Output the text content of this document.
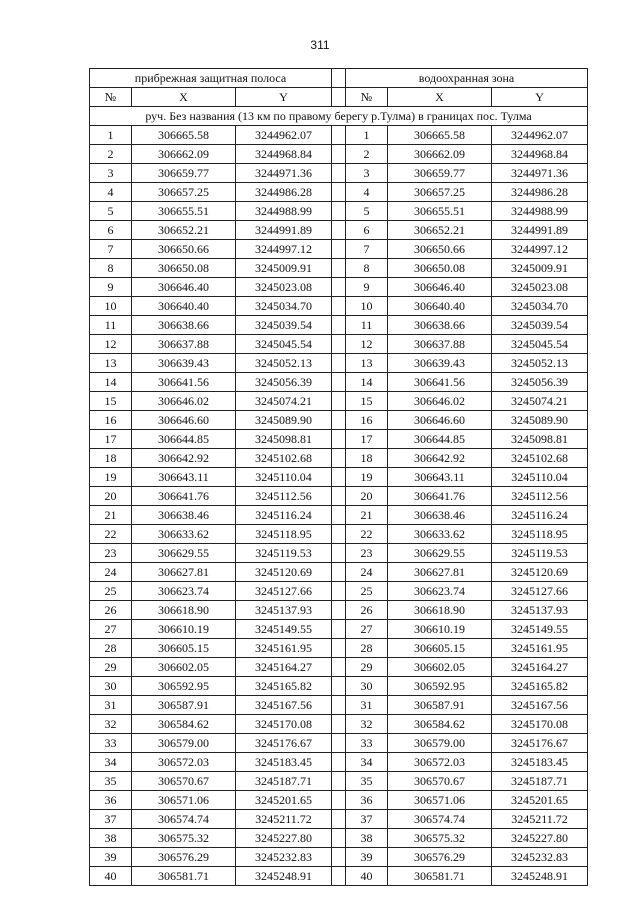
311
прибрежная защитная полоса				водоохранная зона		
№	X	Y		№	X	Y
руч. Без названия (13 км по правому берегу р.Тулма) в границах пос. Тулма						
1	306665.58	3244962.07		1	306665.58	3244962.07
2	306662.09	3244968.84		2	306662.09	3244968.84
3	306659.77	3244971.36		3	306659.77	3244971.36
4	306657.25	3244986.28		4	306657.25	3244986.28
5	306655.51	3244988.99		5	306655.51	3244988.99
6	306652.21	3244991.89		6	306652.21	3244991.89
7	306650.66	3244997.12		7	306650.66	3244997.12
8	306650.08	3245009.91		8	306650.08	3245009.91
9	306646.40	3245023.08		9	306646.40	3245023.08
10	306640.40	3245034.70		10	306640.40	3245034.70
11	306638.66	3245039.54		11	306638.66	3245039.54
12	306637.88	3245045.54		12	306637.88	3245045.54
13	306639.43	3245052.13		13	306639.43	3245052.13
14	306641.56	3245056.39		14	306641.56	3245056.39
15	306646.02	3245074.21		15	306646.02	3245074.21
16	306646.60	3245089.90		16	306646.60	3245089.90
17	306644.85	3245098.81		17	306644.85	3245098.81
18	306642.92	3245102.68		18	306642.92	3245102.68
19	306643.11	3245110.04		19	306643.11	3245110.04
20	306641.76	3245112.56		20	306641.76	3245112.56
21	306638.46	3245116.24		21	306638.46	3245116.24
22	306633.62	3245118.95		22	306633.62	3245118.95
23	306629.55	3245119.53		23	306629.55	3245119.53
24	306627.81	3245120.69		24	306627.81	3245120.69
25	306623.74	3245127.66		25	306623.74	3245127.66
26	306618.90	3245137.93		26	306618.90	3245137.93
27	306610.19	3245149.55		27	306610.19	3245149.55
28	306605.15	3245161.95		28	306605.15	3245161.95
29	306602.05	3245164.27		29	306602.05	3245164.27
30	306592.95	3245165.82		30	306592.95	3245165.82
31	306587.91	3245167.56		31	306587.91	3245167.56
32	306584.62	3245170.08		32	306584.62	3245170.08
33	306579.00	3245176.67		33	306579.00	3245176.67
34	306572.03	3245183.45		34	306572.03	3245183.45
35	306570.67	3245187.71		35	306570.67	3245187.71
36	306571.06	3245201.65		36	306571.06	3245201.65
37	306574.74	3245211.72		37	306574.74	3245211.72
38	306575.32	3245227.80		38	306575.32	3245227.80
39	306576.29	3245232.83		39	306576.29	3245232.83
40	306581.71	3245248.91		40	306581.71	3245248.91
